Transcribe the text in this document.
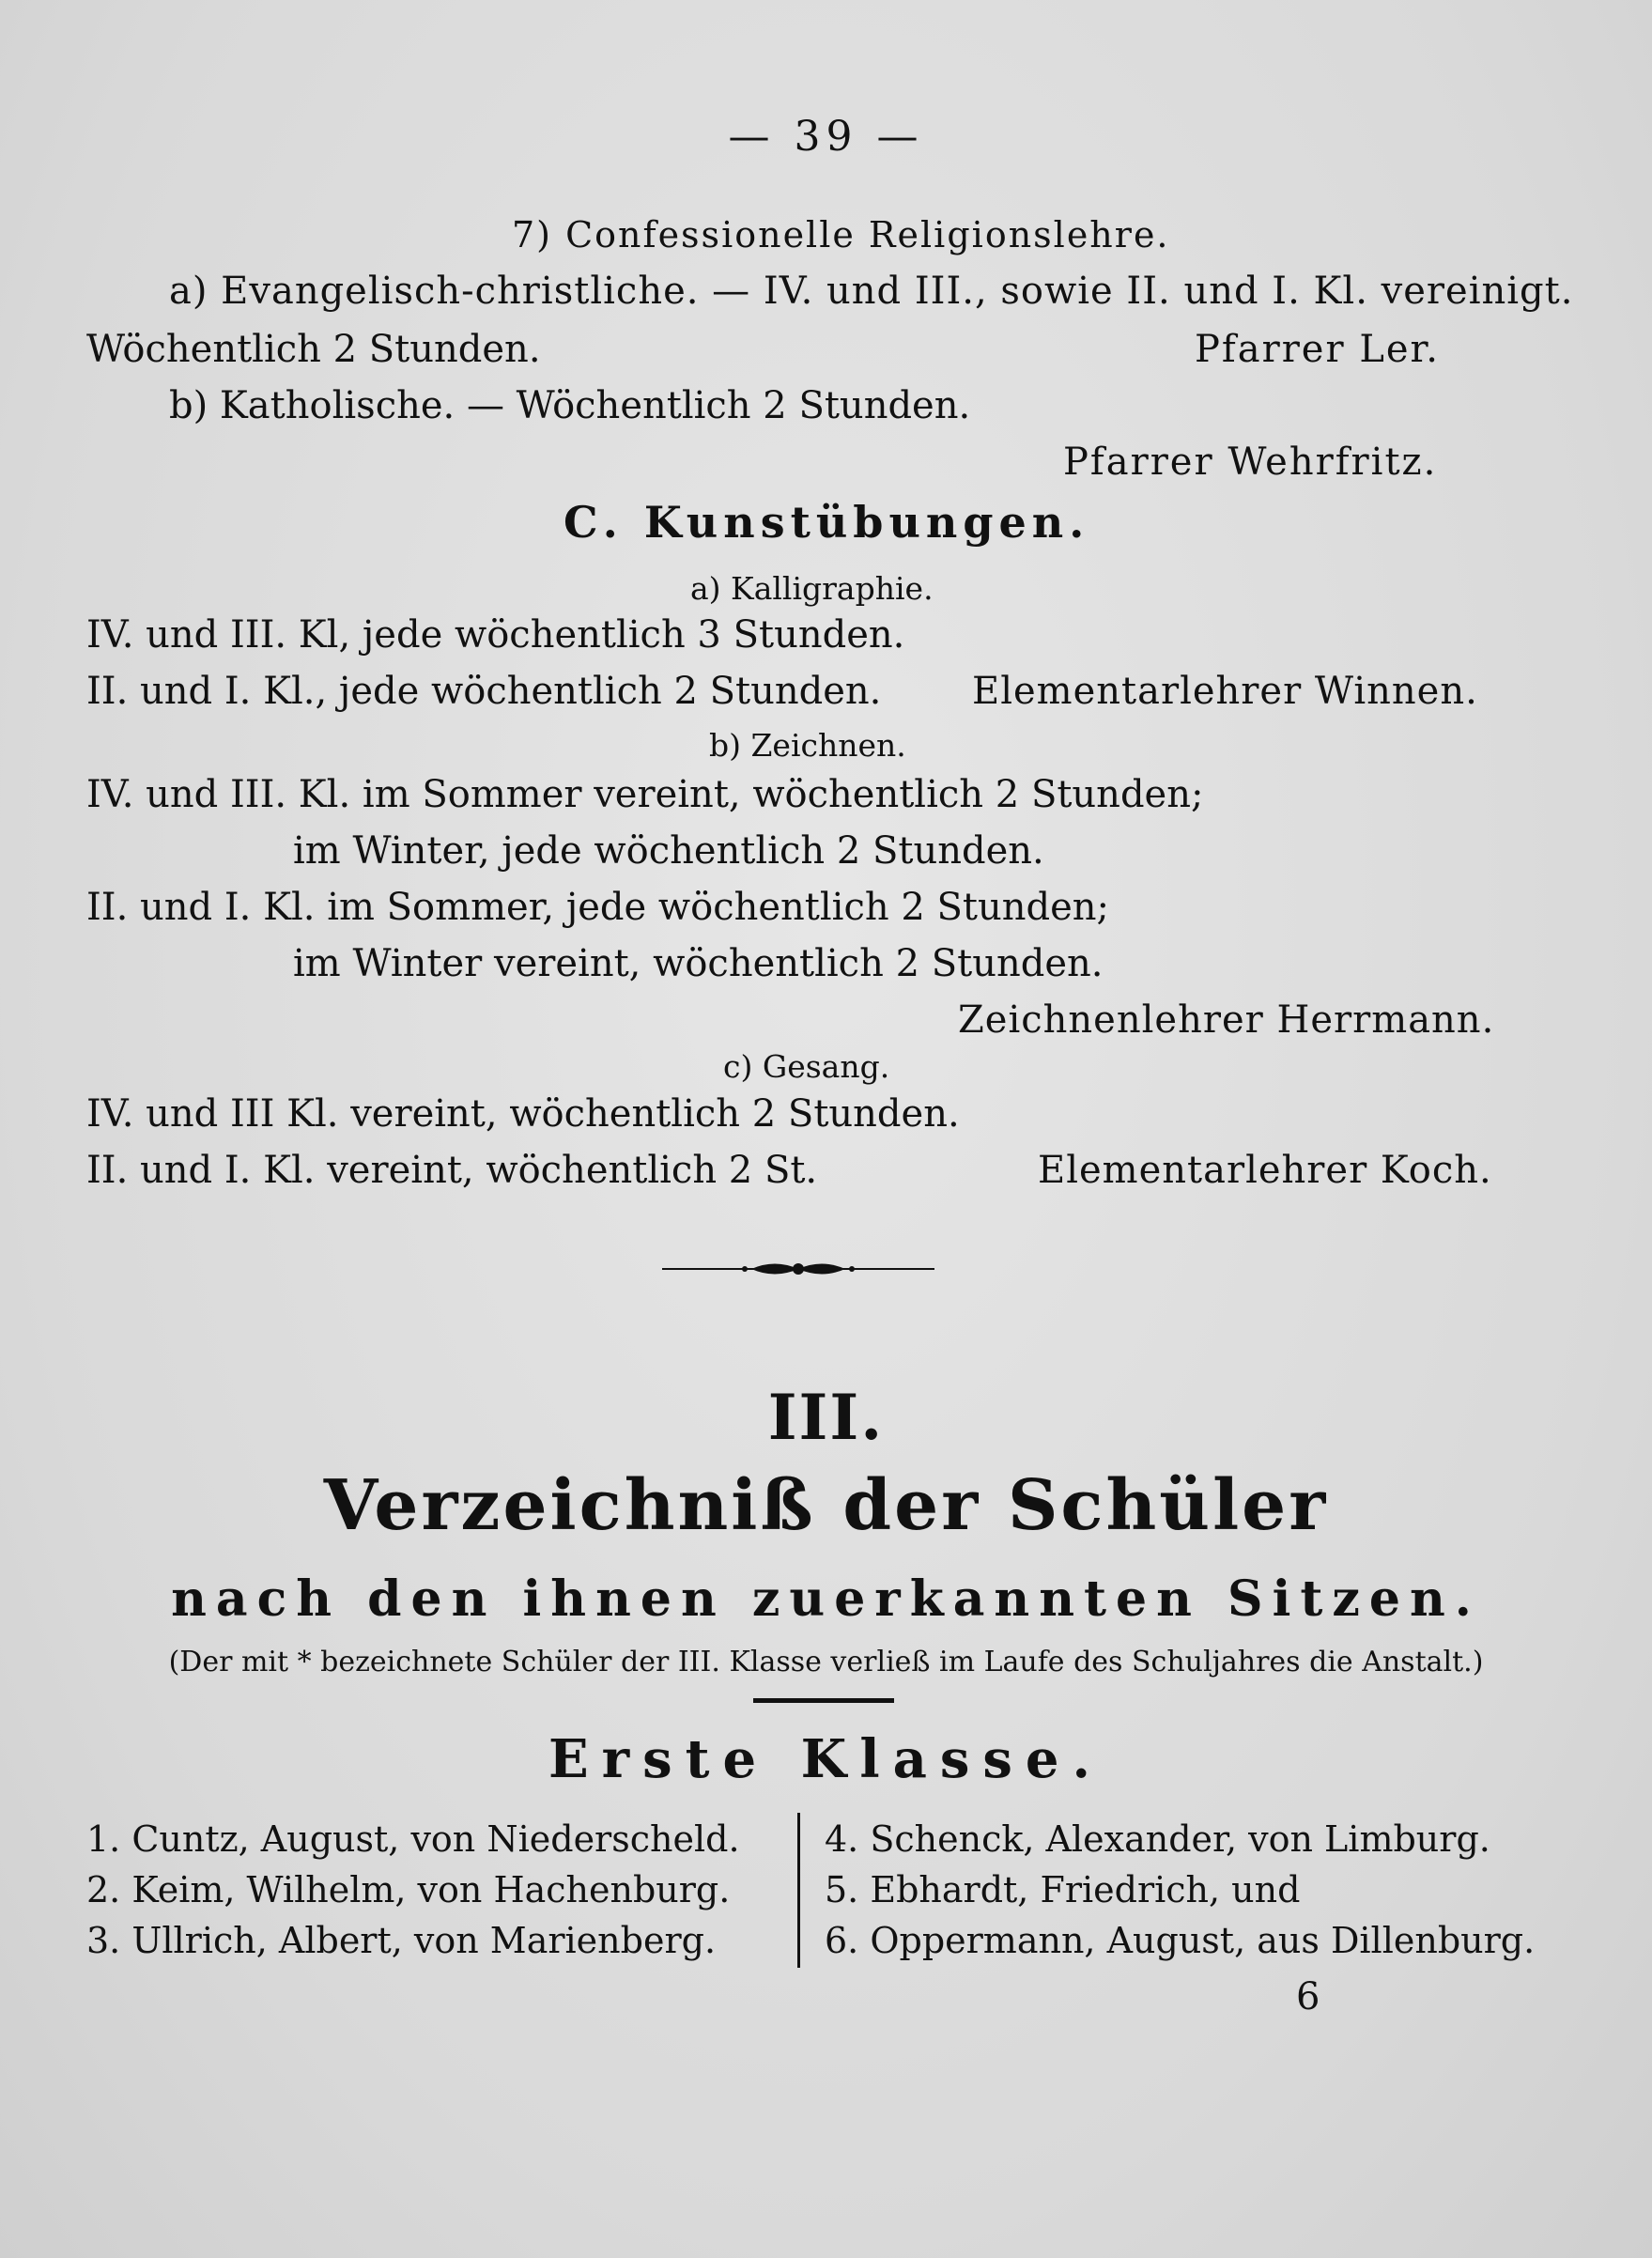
— 39 —
7) Confessionelle Religionslehre.
a) Evangelisch-christliche. — IV. und III., sowie II. und I. Kl. vereinigt.
Wöchentlich 2 Stunden.	Pfarrer Ler.
b) Katholische. — Wöchentlich 2 Stunden.
Pfarrer Wehrfritz.
C. Kunstübungen.
a) Kalligraphie.
IV. und III. Kl, jede wöchentlich 3 Stunden.
II. und I. Kl., jede wöchentlich 2 Stunden. Elementarlehrer Winnen.
b) Zeichnen.
IV. und III. Kl. im Sommer vereint, wöchentlich 2 Stunden;
im Winter, jede wöchentlich 2 Stunden.
II. und I. Kl. im Sommer, jede wöchentlich 2 Stunden;
im Winter vereint, wöchentlich 2 Stunden.
Zeichnenlehrer Herrmann.
c) Gesang.
IV. und III Kl. vereint, wöchentlich 2 Stunden.
II. und I. Kl. vereint, wöchentlich 2 St.	Elementarlehrer Koch.
III.
Verzeichniß der Schüler
nach den ihnen zuerkannten Sitzen.
(Der mit * bezeichnete Schüler der III. Klasse verließ im Laufe des Schuljahres die Anstalt.)
Erste Klasse.
1. Cuntz, August, von Niederscheld.
2. Keim, Wilhelm, von Hachenburg.
3. Ullrich, Albert, von Marienberg.
4. Schenck, Alexander, von Limburg.
5. Ebhardt, Friedrich, und
6. Oppermann, August, aus Dillenburg.
6
